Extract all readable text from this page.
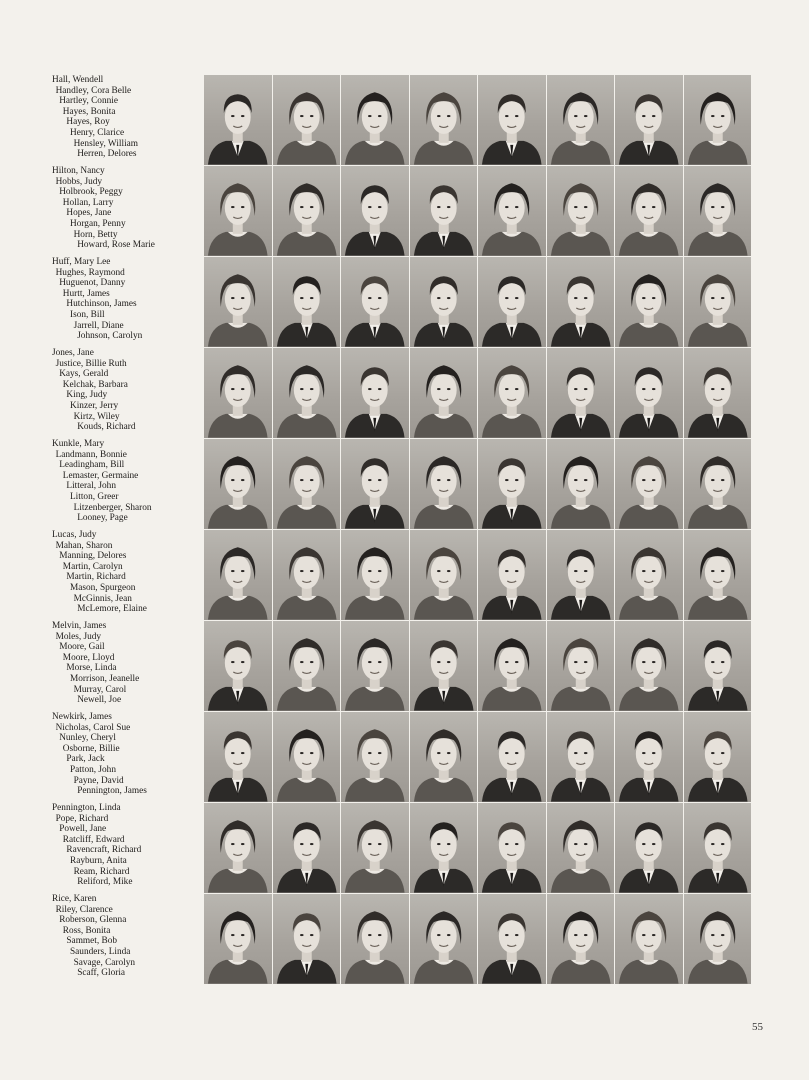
Hall, Wendell
Handley, Cora Belle
Hartley, Connie
Hayes, Bonita
Hayes, Roy
Henry, Clarice
Hensley, William
Herren, Delores
Hilton, Nancy
Hobbs, Judy
Holbrook, Peggy
Hollan, Larry
Hopes, Jane
Horgan, Penny
Horn, Betty
Howard, Rose Marie
Huff, Mary Lee
Hughes, Raymond
Huguenot, Danny
Hurtt, James
Hutchinson, James
Ison, Bill
Jarrell, Diane
Johnson, Carolyn
Jones, Jane
Justice, Billie Ruth
Kays, Gerald
Kelchak, Barbara
King, Judy
Kinzer, Jerry
Kirtz, Wiley
Kouds, Richard
Kunkle, Mary
Landmann, Bonnie
Leadingham, Bill
Lemaster, Germaine
Litteral, John
Litton, Greer
Litzenberger, Sharon
Looney, Page
Lucas, Judy
Mahan, Sharon
Manning, Delores
Martin, Carolyn
Martin, Richard
Mason, Spurgeon
McGinnis, Jean
McLemore, Elaine
Melvin, James
Moles, Judy
Moore, Gail
Moore, Lloyd
Morse, Linda
Morrison, Jeanelle
Murray, Carol
Newell, Joe
Newkirk, James
Nicholas, Carol Sue
Nunley, Cheryl
Osborne, Billie
Park, Jack
Patton, John
Payne, David
Pennington, James
Pennington, Linda
Pope, Richard
Powell, Jane
Ratcliff, Edward
Ravencraft, Richard
Rayburn, Anita
Ream, Richard
Reliford, Mike
Rice, Karen
Riley, Clarence
Roberson, Glenna
Ross, Bonita
Sammet, Bob
Saunders, Linda
Savage, Carolyn
Scaff, Gloria
55
